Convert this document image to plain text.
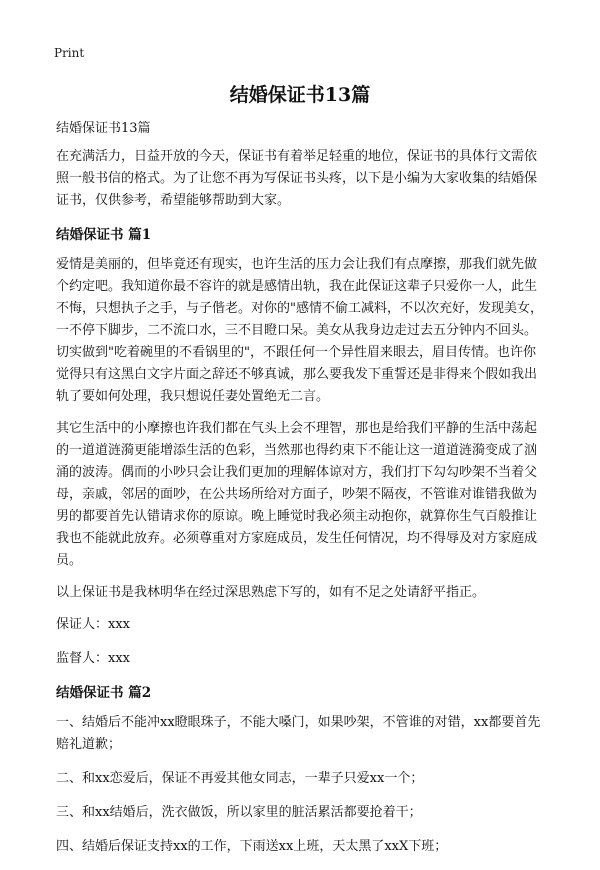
Print
结婚保证书13篇

结婚保证书13篇

在充满活力，日益开放的今天，保证书有着举足轻重的地位，保证书的具体行文需依照一般书信的格式。为了让您不再为写保证书头疼，以下是小编为大家收集的结婚保证书，仅供参考，希望能够帮助到大家。

结婚保证书 篇1

爱情是美丽的，但毕竟还有现实，也许生活的压力会让我们有点摩擦，那我们就先做个约定吧。我知道你最不容许的就是感情出轨，我在此保证这辈子只爱你一人，此生不悔，只想执子之手，与子偕老。对你的"感情不偷工减料，不以次充好，发现美女，一不停下脚步，二不流口水，三不目瞪口呆。美女从我身边走过去五分钟内不回头。切实做到"吃着碗里的不看锅里的"，不跟任何一个异性眉来眼去，眉目传情。也许你觉得只有这黑白文字片面之辞还不够真诚，那么要我发下重誓还是非得来个假如我出轨了要如何处理，我只想说任妻处置绝无二言。

其它生活中的小摩擦也许我们都在气头上会不理智，那也是给我们平静的生活中荡起的一道道涟漪更能增添生活的色彩，当然那也得约束下不能让这一道道涟漪变成了汹涌的波涛。偶而的小吵只会让我们更加的理解体谅对方，我们打下勾勾吵架不当着父母，亲戚，邻居的面吵，在公共场所给对方面子，吵架不隔夜，不管谁对谁错我做为男的都要首先认错请求你的原谅。晚上睡觉时我必须主动抱你，就算你生气百般推让我也不能就此放弃。必须尊重对方家庭成员，发生任何情况，均不得辱及对方家庭成员。

以上保证书是我林明华在经过深思熟虑下写的，如有不足之处请舒平指正。

保证人：xxx

监督人：xxx

结婚保证书 篇2

一、结婚后不能冲xx瞪眼珠子，不能大嗓门，如果吵架，不管谁的对错，xx都要首先赔礼道歉；

二、和xx恋爱后，保证不再爱其他女同志，一辈子只爱xx一个；

三、和xx结婚后，洗衣做饭，所以家里的脏活累活都要抢着干；

四、结婚后保证支持xx的工作，下雨送xx上班，天太黑了xxX下班；
